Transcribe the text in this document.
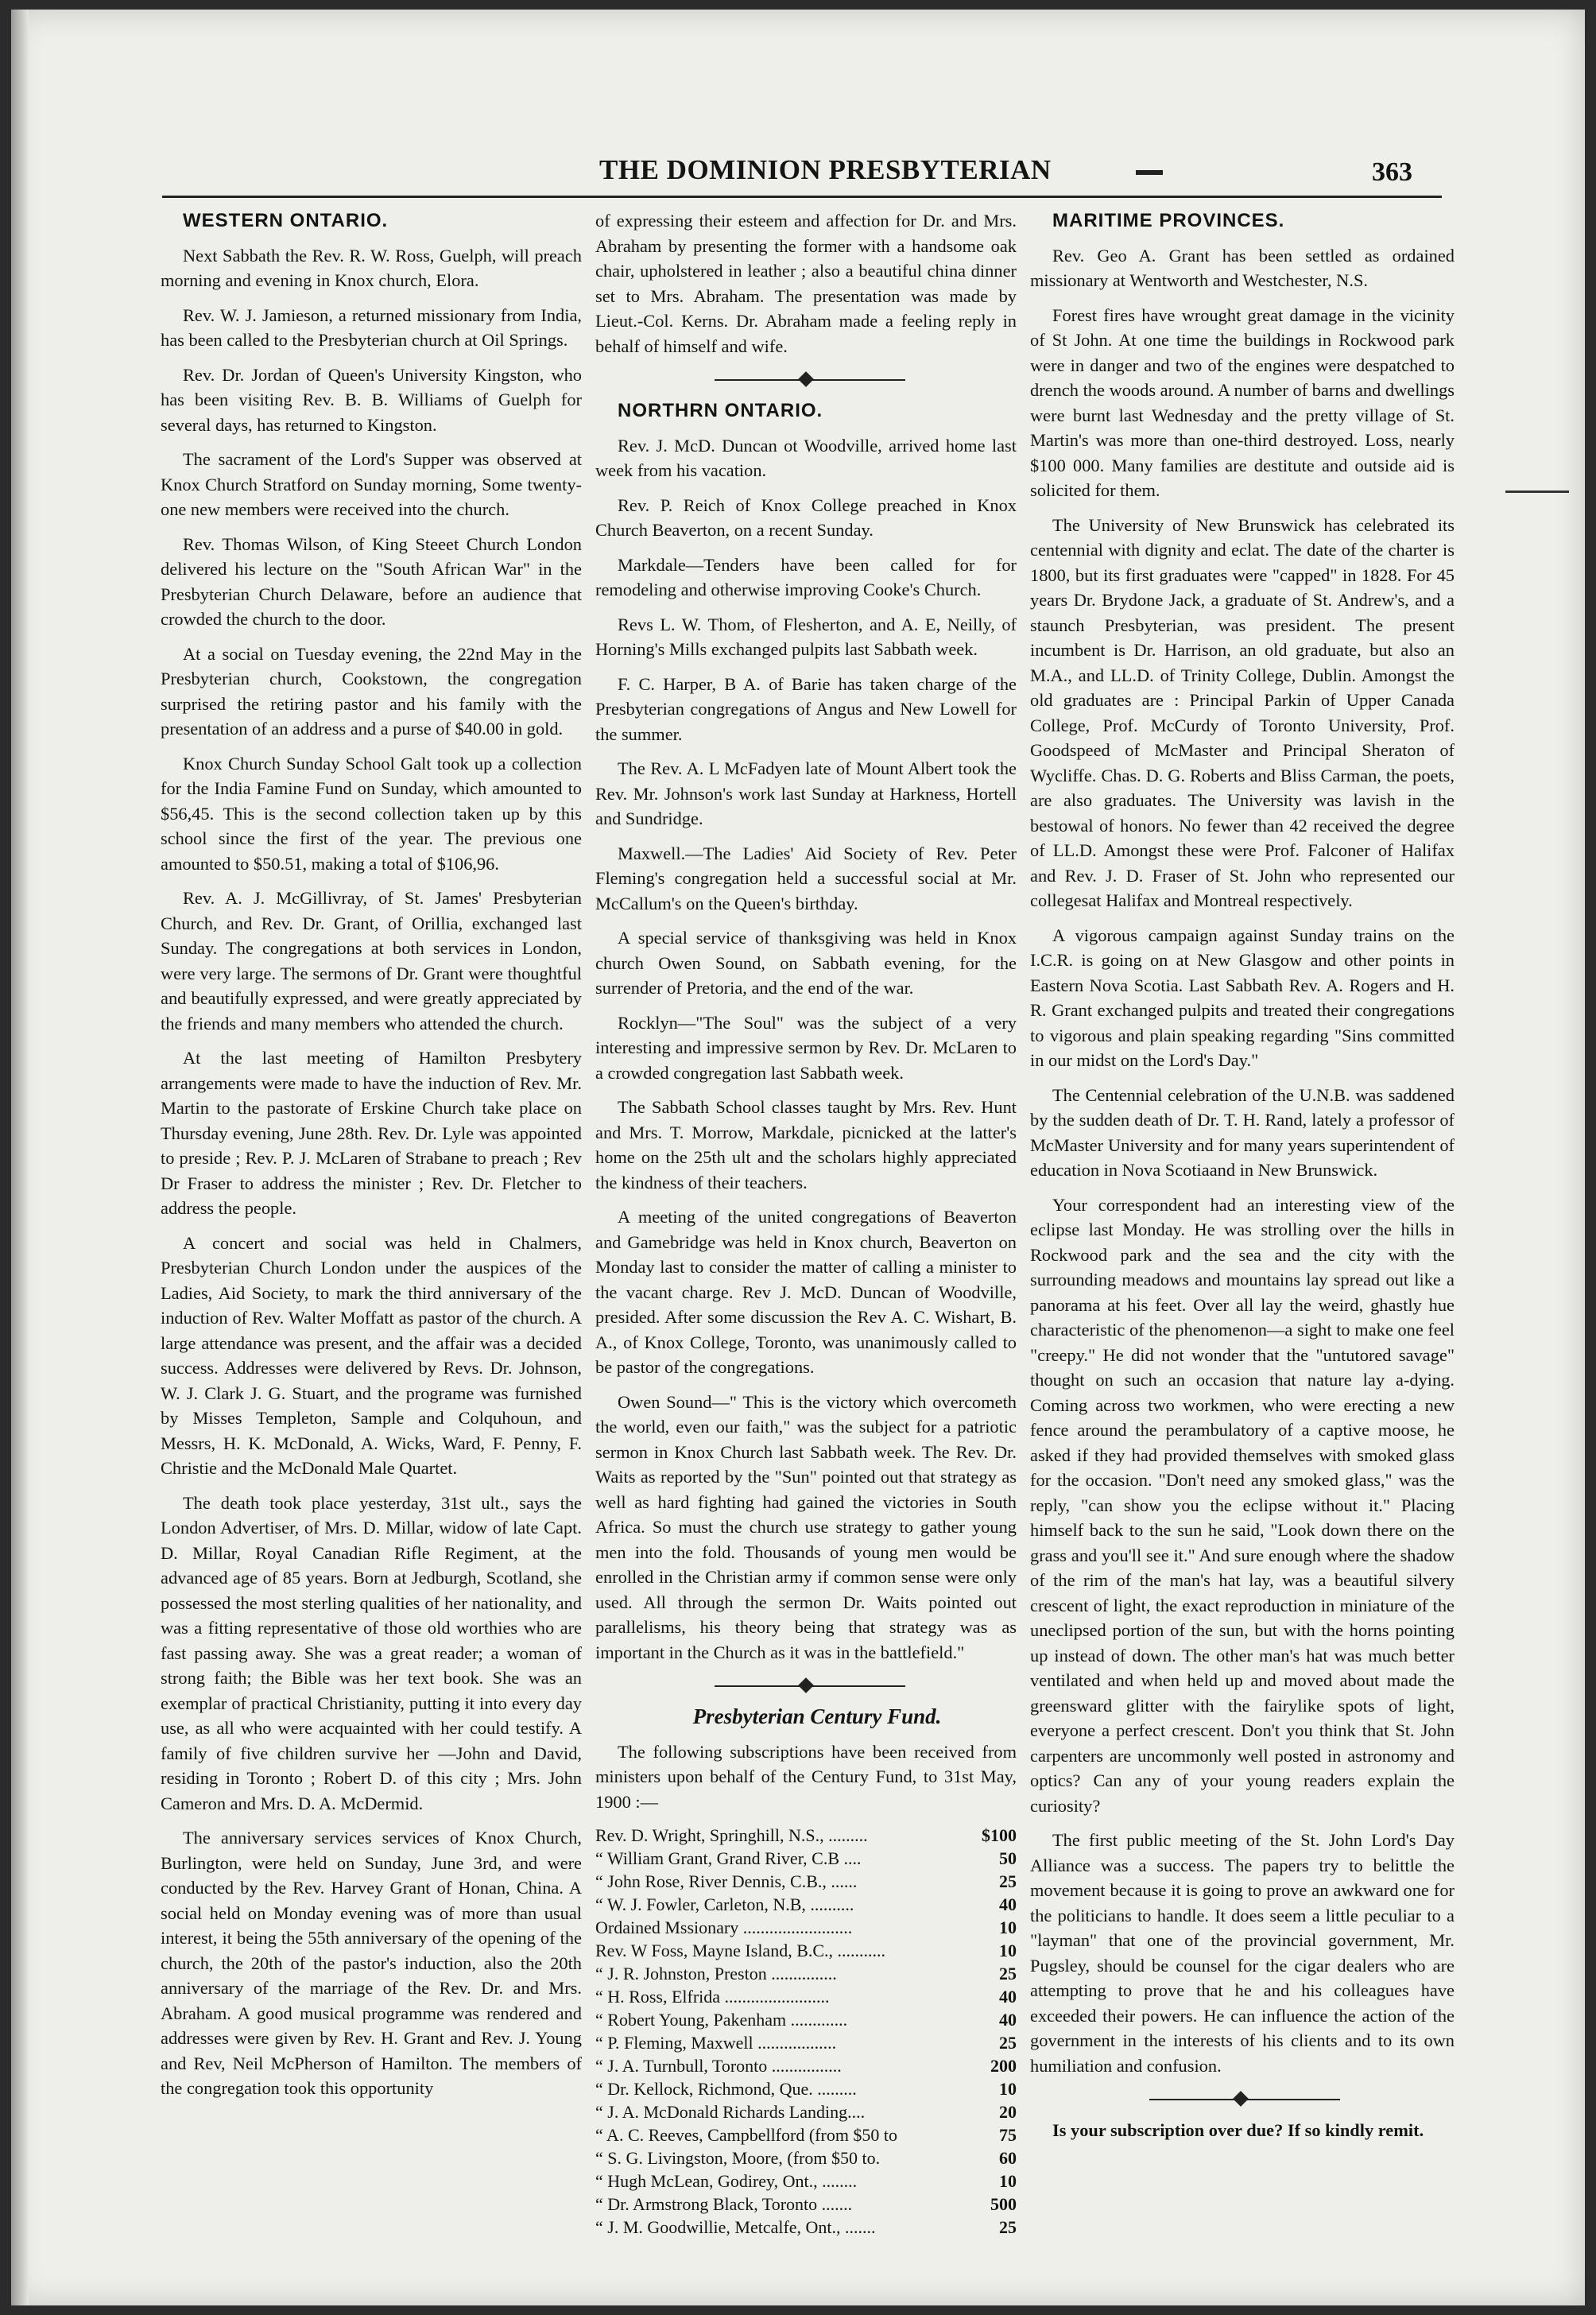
THE DOMINION PRESBYTERIAN	363

WESTERN ONTARIO.

Next Sabbath the Rev. R. W. Ross, Guelph, will preach morning and evening in Knox church, Elora.

Rev. W. J. Jamieson, a returned missionary from India, has been called to the Presbyterian church at Oil Springs.

Rev. Dr. Jordan of Queen's University Kingston, who has been visiting Rev. B. B. Williams of Guelph for several days, has returned to Kingston.

The sacrament of the Lord's Supper was observed at Knox Church Stratford on Sunday morning, Some twenty-one new members were received into the church.

Rev. Thomas Wilson, of King Steeet Church London delivered his lecture on the "South African War" in the Presbyterian Church Delaware, before an audience that crowded the church to the door.

At a social on Tuesday evening, the 22nd May in the Presbyterian church, Cookstown, the congregation surprised the retiring pastor and his family with the presentation of an address and a purse of $40.00 in gold.

Knox Church Sunday School Galt took up a collection for the India Famine Fund on Sunday, which amounted to $56,45. This is the second collection taken up by this school since the first of the year. The previous one amounted to $50.51, making a total of $106,96.

Rev. A. J. McGillivray, of St. James' Presbyterian Church, and Rev. Dr. Grant, of Orillia, exchanged last Sunday. The congregations at both services in London, were very large. The sermons of Dr. Grant were thoughtful and beautifully expressed, and were greatly appreciated by the friends and many members who attended the church.

At the last meeting of Hamilton Presbytery arrangements were made to have the induction of Rev. Mr. Martin to the pastorate of Erskine Church take place on Thursday evening, June 28th. Rev. Dr. Lyle was appointed to preside ; Rev. P. J. McLaren of Strabane to preach ; Rev Dr Fraser to address the minister ; Rev. Dr. Fletcher to address the people.

A concert and social was held in Chalmers, Presbyterian Church London under the auspices of the Ladies, Aid Society, to mark the third anniversary of the induction of Rev. Walter Moffatt as pastor of the church. A large attendance was present, and the affair was a decided success. Addresses were delivered by Revs. Dr. Johnson, W. J. Clark J. G. Stuart, and the programe was furnished by Misses Templeton, Sample and Colquhoun, and Messrs, H. K. McDonald, A. Wicks, Ward, F. Penny, F. Christie and the McDonald Male Quartet.

The death took place yesterday, 31st ult., says the London Advertiser, of Mrs. D. Millar, widow of late Capt. D. Millar, Royal Canadian Rifle Regiment, at the advanced age of 85 years. Born at Jedburgh, Scotland, she possessed the most sterling qualities of her nationality, and was a fitting representative of those old worthies who are fast passing away. She was a great reader; a woman of strong faith; the Bible was her text book. She was an exemplar of practical Christianity, putting it into every day use, as all who were acquainted with her could testify. A family of five children survive her —John and David, residing in Toronto ; Robert D. of this city ; Mrs. John Cameron and Mrs. D. A. McDermid.

The anniversary services services of Knox Church, Burlington, were held on Sunday, June 3rd, and were conducted by the Rev. Harvey Grant of Honan, China. A social held on Monday evening was of more than usual interest, it being the 55th anniversary of the opening of the church, the 20th of the pastor's induction, also the 20th anniversary of the marriage of the Rev. Dr. and Mrs. Abraham. A good musical programme was rendered and addresses were given by Rev. H. Grant and Rev. J. Young and Rev, Neil McPherson of Hamilton. The members of the congregation took this opportunity

of expressing their esteem and affection for Dr. and Mrs. Abraham by presenting the former with a handsome oak chair, upholstered in leather ; also a beautiful china dinner set to Mrs. Abraham. The presentation was made by Lieut.-Col. Kerns. Dr. Abraham made a feeling reply in behalf of himself and wife.

NORTHRN ONTARIO.

Rev. J. McD. Duncan ot Woodville, arrived home last week from his vacation.

Rev. P. Reich of Knox College preached in Knox Church Beaverton, on a recent Sunday.

Markdale—Tenders have been called for for remodeling and otherwise improving Cooke's Church.

Revs L. W. Thom, of Flesherton, and A. E, Neilly, of Horning's Mills exchanged pulpits last Sabbath week.

F. C. Harper, B A. of Barie has taken charge of the Presbyterian congregations of Angus and New Lowell for the summer.

The Rev. A. L McFadyen late of Mount Albert took the Rev. Mr. Johnson's work last Sunday at Harkness, Hortell and Sundridge.

Maxwell.—The Ladies' Aid Society of Rev. Peter Fleming's congregation held a successful social at Mr. McCallum's on the Queen's birthday.

A special service of thanksgiving was held in Knox church Owen Sound, on Sabbath evening, for the surrender of Pretoria, and the end of the war.

Rocklyn—"The Soul" was the subject of a very interesting and impressive sermon by Rev. Dr. McLaren to a crowded congregation last Sabbath week.

The Sabbath School classes taught by Mrs. Rev. Hunt and Mrs. T. Morrow, Markdale, picnicked at the latter's home on the 25th ult and the scholars highly appreciated the kindness of their teachers.

A meeting of the united congregations of Beaverton and Gamebridge was held in Knox church, Beaverton on Monday last to consider the matter of calling a minister to the vacant charge. Rev J. McD. Duncan of Woodville, presided. After some discussion the Rev A. C. Wishart, B. A., of Knox College, Toronto, was unanimously called to be pastor of the congregations.

Owen Sound—" This is the victory which overcometh the world, even our faith," was the subject for a patriotic sermon in Knox Church last Sabbath week. The Rev. Dr. Waits as reported by the "Sun" pointed out that strategy as well as hard fighting had gained the victories in South Africa. So must the church use strategy to gather young men into the fold. Thousands of young men would be enrolled in the Christian army if common sense were only used. All through the sermon Dr. Waits pointed out parallelisms, his theory being that strategy was as important in the Church as it was in the battlefield."

Presbyterian Century Fund.

The following subscriptions have been received from ministers upon behalf of the Century Fund, to 31st May, 1900 :—

Rev. D. Wright, Springhill, N.S., .........	$100
“ William Grant, Grand River, C.B ....	50
“ John Rose, River Dennis, C.B., ......	25
“ W. J. Fowler, Carleton, N.B, ..........	40
Ordained Mssionary .........................	10
Rev. W Foss, Mayne Island, B.C., ...........	10
“ J. R. Johnston, Preston ...............	25
“ H. Ross, Elfrida ........................	40
“ Robert Young, Pakenham .............	40
“ P. Fleming, Maxwell ..................	25
“ J. A. Turnbull, Toronto ................	200
“ Dr. Kellock, Richmond, Que. .........	10
“ J. A. McDonald Richards Landing....	20
“ A. C. Reeves, Campbellford (from $50 to	75
“ S. G. Livingston, Moore, (from $50 to.	60
“ Hugh McLean, Godirey, Ont., ........	10
“ Dr. Armstrong Black, Toronto .......	500
“ J. M. Goodwillie, Metcalfe, Ont., .......	25

MARITIME PROVINCES.

Rev. Geo A. Grant has been settled as ordained missionary at Wentworth and Westchester, N.S.

Forest fires have wrought great damage in the vicinity of St John. At one time the buildings in Rockwood park were in danger and two of the engines were despatched to drench the woods around. A number of barns and dwellings were burnt last Wednesday and the pretty village of St. Martin's was more than one-third destroyed. Loss, nearly $100 000. Many families are destitute and outside aid is solicited for them.

The University of New Brunswick has celebrated its centennial with dignity and eclat. The date of the charter is 1800, but its first graduates were "capped" in 1828. For 45 years Dr. Brydone Jack, a graduate of St. Andrew's, and a staunch Presbyterian, was president. The present incumbent is Dr. Harrison, an old graduate, but also an M.A., and LL.D. of Trinity College, Dublin. Amongst the old graduates are : Principal Parkin of Upper Canada College, Prof. McCurdy of Toronto University, Prof. Goodspeed of McMaster and Principal Sheraton of Wycliffe. Chas. D. G. Roberts and Bliss Carman, the poets, are also graduates. The University was lavish in the bestowal of honors. No fewer than 42 received the degree of LL.D. Amongst these were Prof. Falconer of Halifax and Rev. J. D. Fraser of St. John who represented our collegesat Halifax and Montreal respectively.

A vigorous campaign against Sunday trains on the I.C.R. is going on at New Glasgow and other points in Eastern Nova Scotia. Last Sabbath Rev. A. Rogers and H. R. Grant exchanged pulpits and treated their congregations to vigorous and plain speaking regarding "Sins committed in our midst on the Lord's Day."

The Centennial celebration of the U.N.B. was saddened by the sudden death of Dr. T. H. Rand, lately a professor of McMaster University and for many years superintendent of education in Nova Scotiaand in New Brunswick.

Your correspondent had an interesting view of the eclipse last Monday. He was strolling over the hills in Rockwood park and the sea and the city with the surrounding meadows and mountains lay spread out like a panorama at his feet. Over all lay the weird, ghastly hue characteristic of the phenomenon—a sight to make one feel "creepy." He did not wonder that the "untutored savage" thought on such an occasion that nature lay a-dying. Coming across two workmen, who were erecting a new fence around the perambulatory of a captive moose, he asked if they had provided themselves with smoked glass for the occasion. "Don't need any smoked glass," was the reply, "can show you the eclipse without it." Placing himself back to the sun he said, "Look down there on the grass and you'll see it." And sure enough where the shadow of the rim of the man's hat lay, was a beautiful silvery crescent of light, the exact reproduction in miniature of the uneclipsed portion of the sun, but with the horns pointing up instead of down. The other man's hat was much better ventilated and when held up and moved about made the greensward glitter with the fairylike spots of light, everyone a perfect crescent. Don't you think that St. John carpenters are uncommonly well posted in astronomy and optics? Can any of your young readers explain the curiosity?

The first public meeting of the St. John Lord's Day Alliance was a success. The papers try to belittle the movement because it is going to prove an awkward one for the politicians to handle. It does seem a little peculiar to a "layman" that one of the provincial government, Mr. Pugsley, should be counsel for the cigar dealers who are attempting to prove that he and his colleagues have exceeded their powers. He can influence the action of the government in the interests of his clients and to its own humiliation and confusion.

Is your subscription over due? If so kindly remit.
